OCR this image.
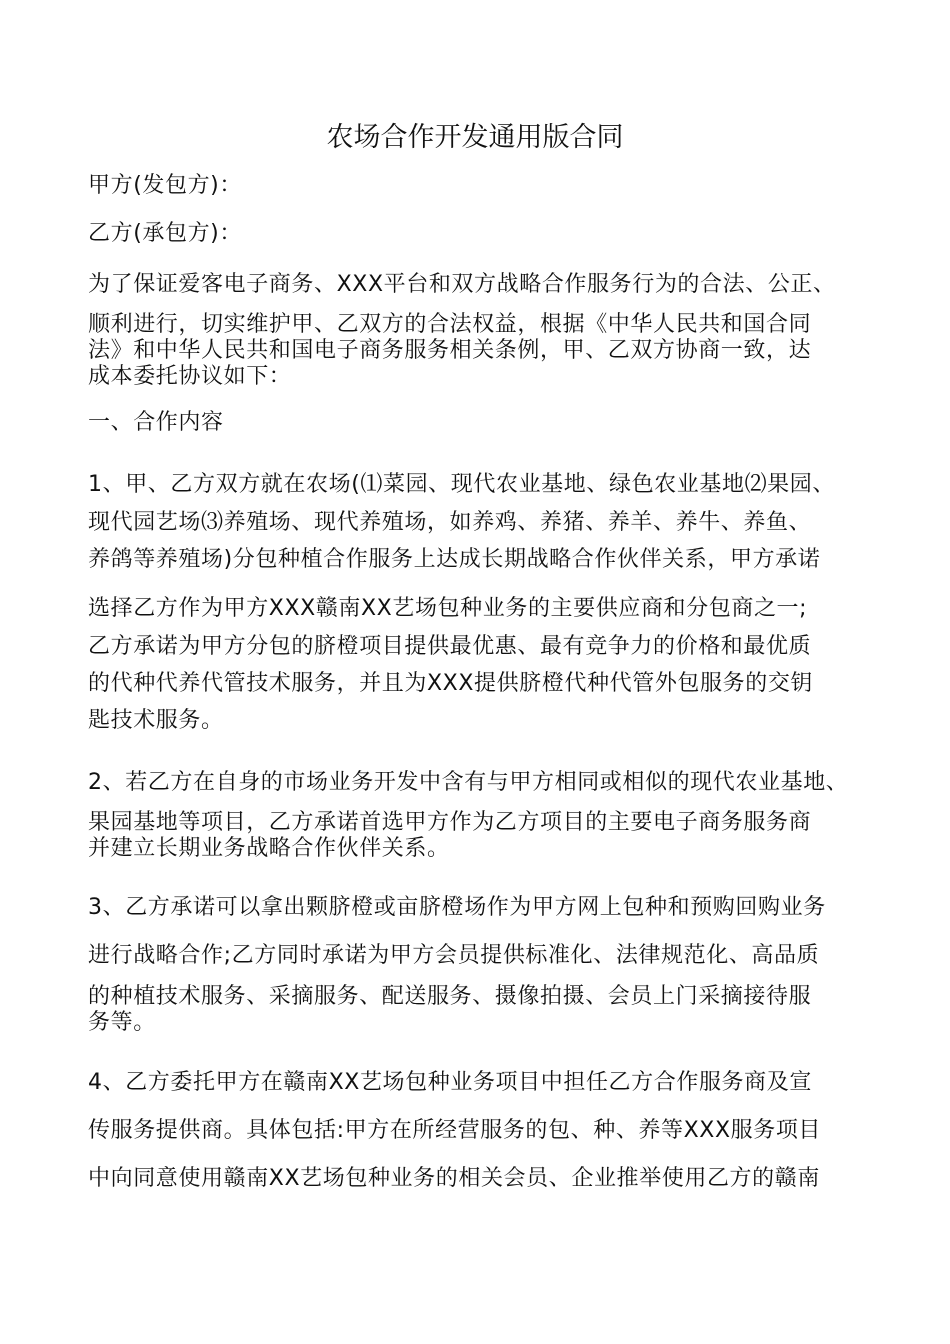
农场合作开发通用版合同
甲方(发包方)：
乙方(承包方)：
为了保证爱客电子商务、XXX平台和双方战略合作服务行为的合法、公正、
顺利进行，切实维护甲、乙双方的合法权益，根据《中华人民共和国合同
法》和中华人民共和国电子商务服务相关条例，甲、乙双方协商一致，达
成本委托协议如下：
一、合作内容
1、甲、乙方双方就在农场(⑴菜园、现代农业基地、绿色农业基地⑵果园、
现代园艺场⑶养殖场、现代养殖场，如养鸡、养猪、养羊、养牛、养鱼、
养鸽等养殖场)分包种植合作服务上达成长期战略合作伙伴关系，甲方承诺
选择乙方作为甲方XXX赣南XX艺场包种业务的主要供应商和分包商之一;
乙方承诺为甲方分包的脐橙项目提供最优惠、最有竞争力的价格和最优质
的代种代养代管技术服务，并且为XXX提供脐橙代种代管外包服务的交钥
匙技术服务。
2、若乙方在自身的市场业务开发中含有与甲方相同或相似的现代农业基地、
果园基地等项目，乙方承诺首选甲方作为乙方项目的主要电子商务服务商
并建立长期业务战略合作伙伴关系。
3、乙方承诺可以拿出颗脐橙或亩脐橙场作为甲方网上包种和预购回购业务
进行战略合作;乙方同时承诺为甲方会员提供标准化、法律规范化、高品质
的种植技术服务、采摘服务、配送服务、摄像拍摄、会员上门采摘接待服
务等。
4、乙方委托甲方在赣南XX艺场包种业务项目中担任乙方合作服务商及宣
传服务提供商。具体包括:甲方在所经营服务的包、种、养等XXX服务项目
中向同意使用赣南XX艺场包种业务的相关会员、企业推举使用乙方的赣南
